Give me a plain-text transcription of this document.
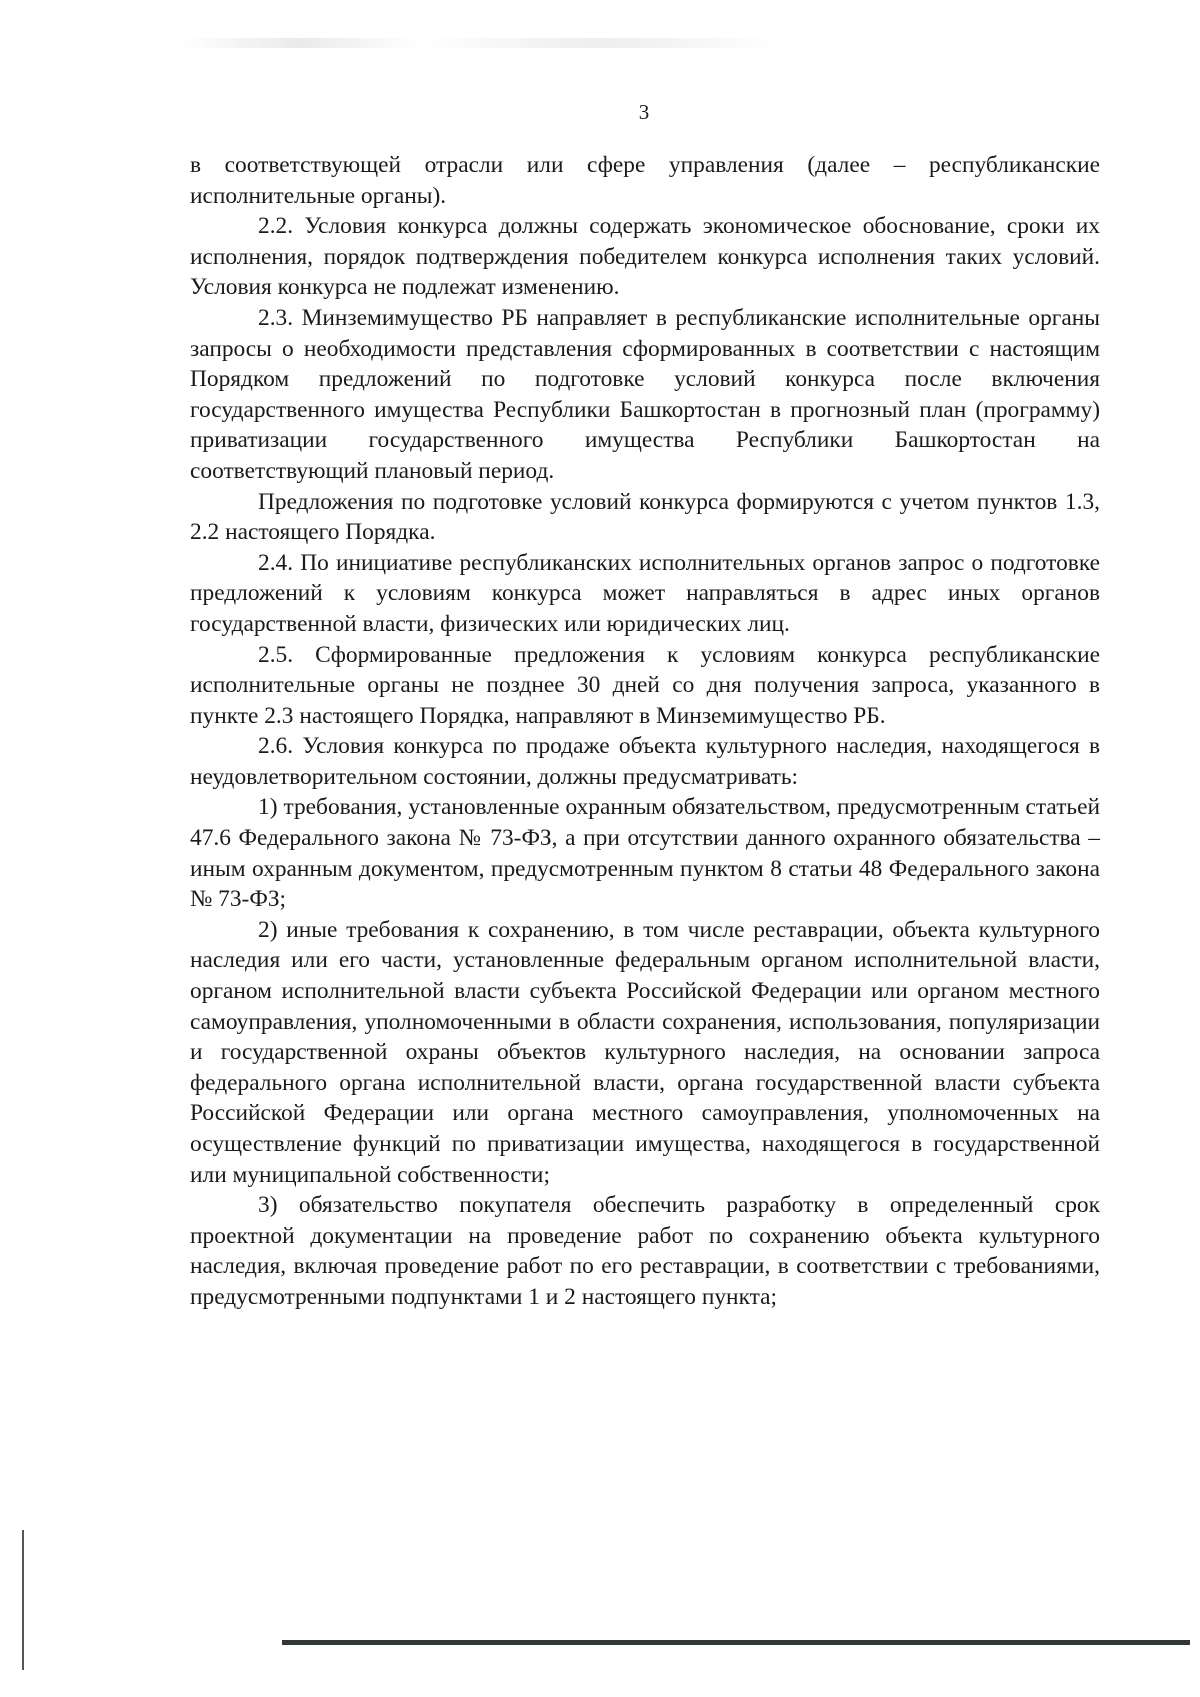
3

в соответствующей отрасли или сфере управления (далее – республиканские исполнительные органы).

2.2. Условия конкурса должны содержать экономическое обоснование, сроки их исполнения, порядок подтверждения победителем конкурса исполнения таких условий. Условия конкурса не подлежат изменению.

2.3. Минземимущество РБ направляет в республиканские исполнительные органы запросы о необходимости представления сформированных в соответствии с настоящим Порядком предложений по подготовке условий конкурса после включения государственного имущества Республики Башкортостан в прогнозный план (программу) приватизации государственного имущества Республики Башкортостан на соответствующий плановый период.

Предложения по подготовке условий конкурса формируются с учетом пунктов 1.3, 2.2 настоящего Порядка.

2.4. По инициативе республиканских исполнительных органов запрос о подготовке предложений к условиям конкурса может направляться в адрес иных органов государственной власти, физических или юридических лиц.

2.5. Сформированные предложения к условиям конкурса республиканские исполнительные органы не позднее 30 дней со дня получения запроса, указанного в пункте 2.3 настоящего Порядка, направляют в Минземимущество РБ.

2.6. Условия конкурса по продаже объекта культурного наследия, находящегося в неудовлетворительном состоянии, должны предусматривать:

1) требования, установленные охранным обязательством, предусмотренным статьей 47.6 Федерального закона № 73-ФЗ, а при отсутствии данного охранного обязательства – иным охранным документом, предусмотренным пунктом 8 статьи 48 Федерального закона № 73-ФЗ;

2) иные требования к сохранению, в том числе реставрации, объекта культурного наследия или его части, установленные федеральным органом исполнительной власти, органом исполнительной власти субъекта Российской Федерации или органом местного самоуправления, уполномоченными в области сохранения, использования, популяризации и государственной охраны объектов культурного наследия, на основании запроса федерального органа исполнительной власти, органа государственной власти субъекта Российской Федерации или органа местного самоуправления, уполномоченных на осуществление функций по приватизации имущества, находящегося в государственной или муниципальной собственности;

3) обязательство покупателя обеспечить разработку в определенный срок проектной документации на проведение работ по сохранению объекта культурного наследия, включая проведение работ по его реставрации, в соответствии с требованиями, предусмотренными подпунктами 1 и 2 настоящего пункта;
